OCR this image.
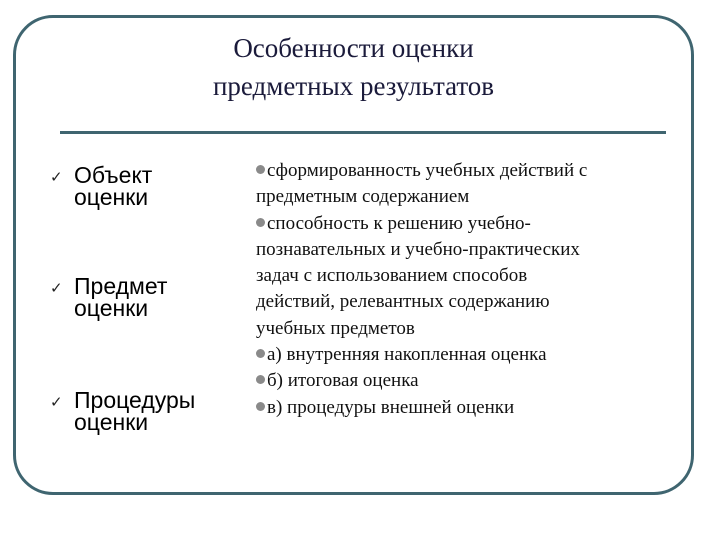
Особенности оценки
предметных результатов
✓ Объект
оценки
✓ Предмет
оценки
✓ Процедуры
оценки
сформированность учебных действий с
предметным содержанием
способность к решению учебно-
познавательных и учебно-практических
задач с использованием способов
действий, релевантных содержанию
учебных предметов
а) внутренняя накопленная оценка
б) итоговая оценка
в) процедуры внешней оценки
